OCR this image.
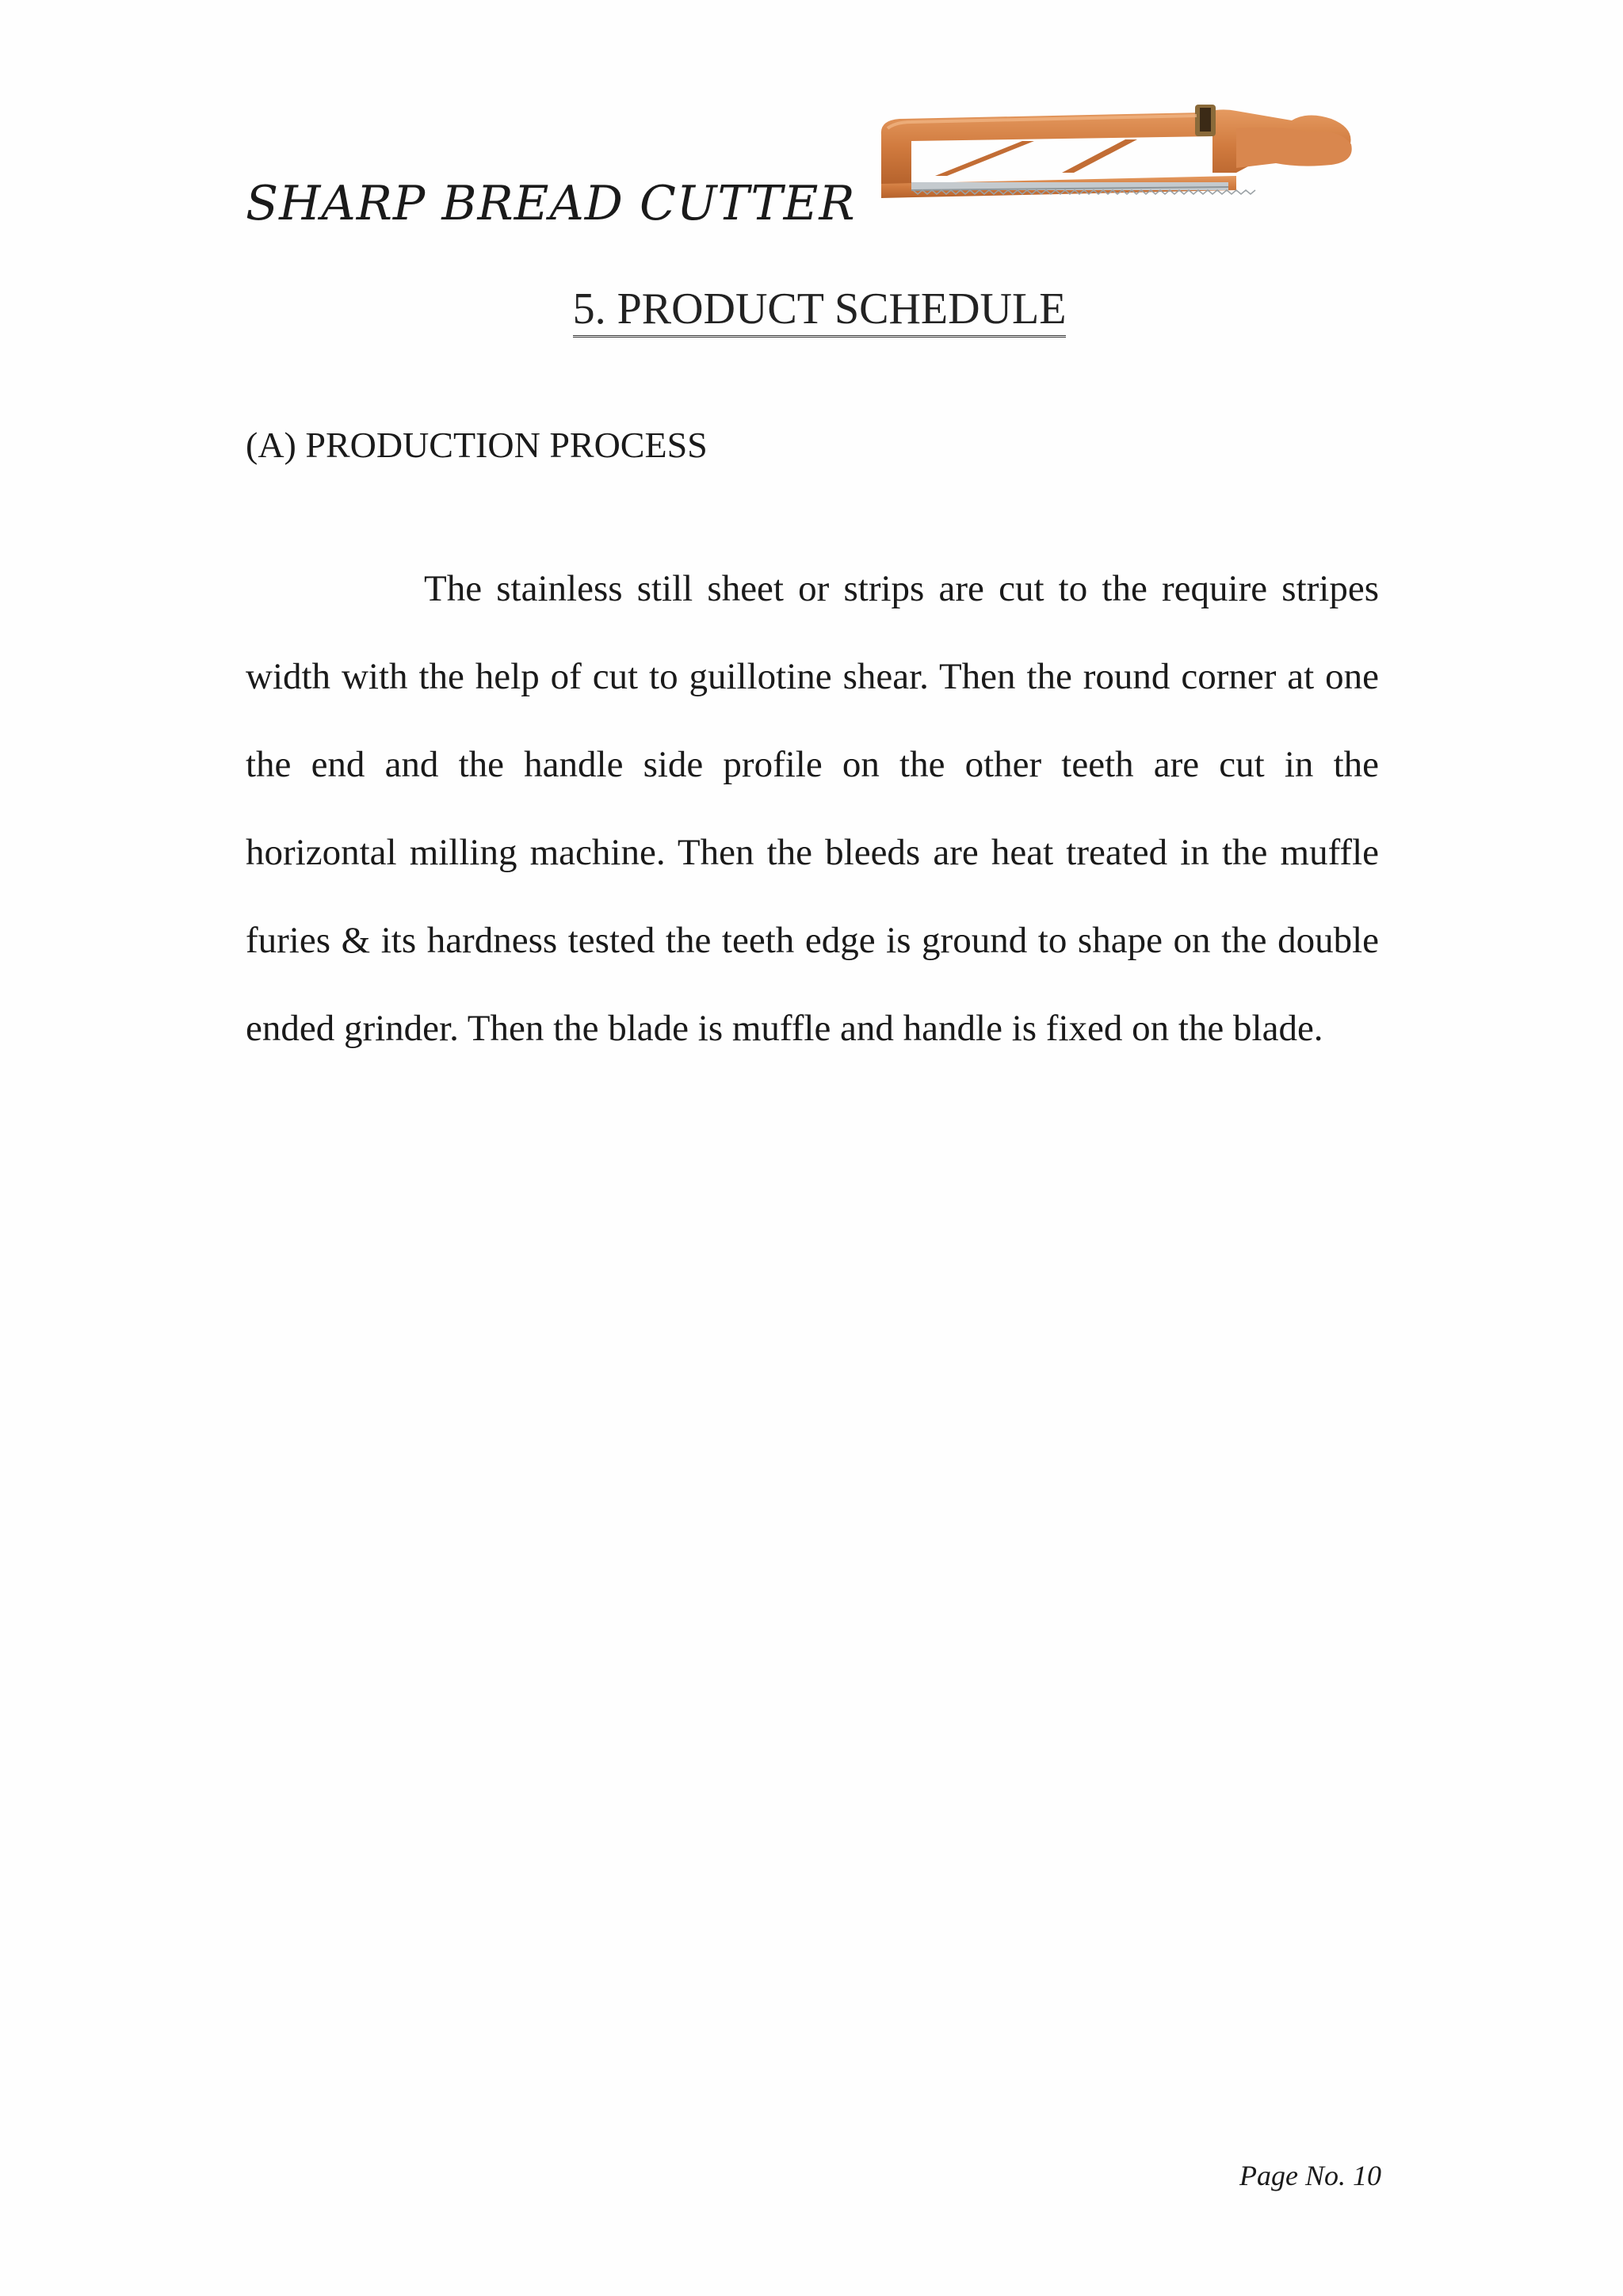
SHARP BREAD CUTTER
5. PRODUCT SCHEDULE
(A) PRODUCTION PROCESS

The stainless still sheet or strips are cut to the require stripes width with the help of cut to guillotine shear. Then the round corner at one the end and the handle side profile on the other teeth are cut in the horizontal milling machine. Then the bleeds are heat treated in the muffle furies & its hardness tested the teeth edge is ground to shape on the double ended grinder. Then the blade is muffle and handle is fixed on the blade.

Page No. 10
